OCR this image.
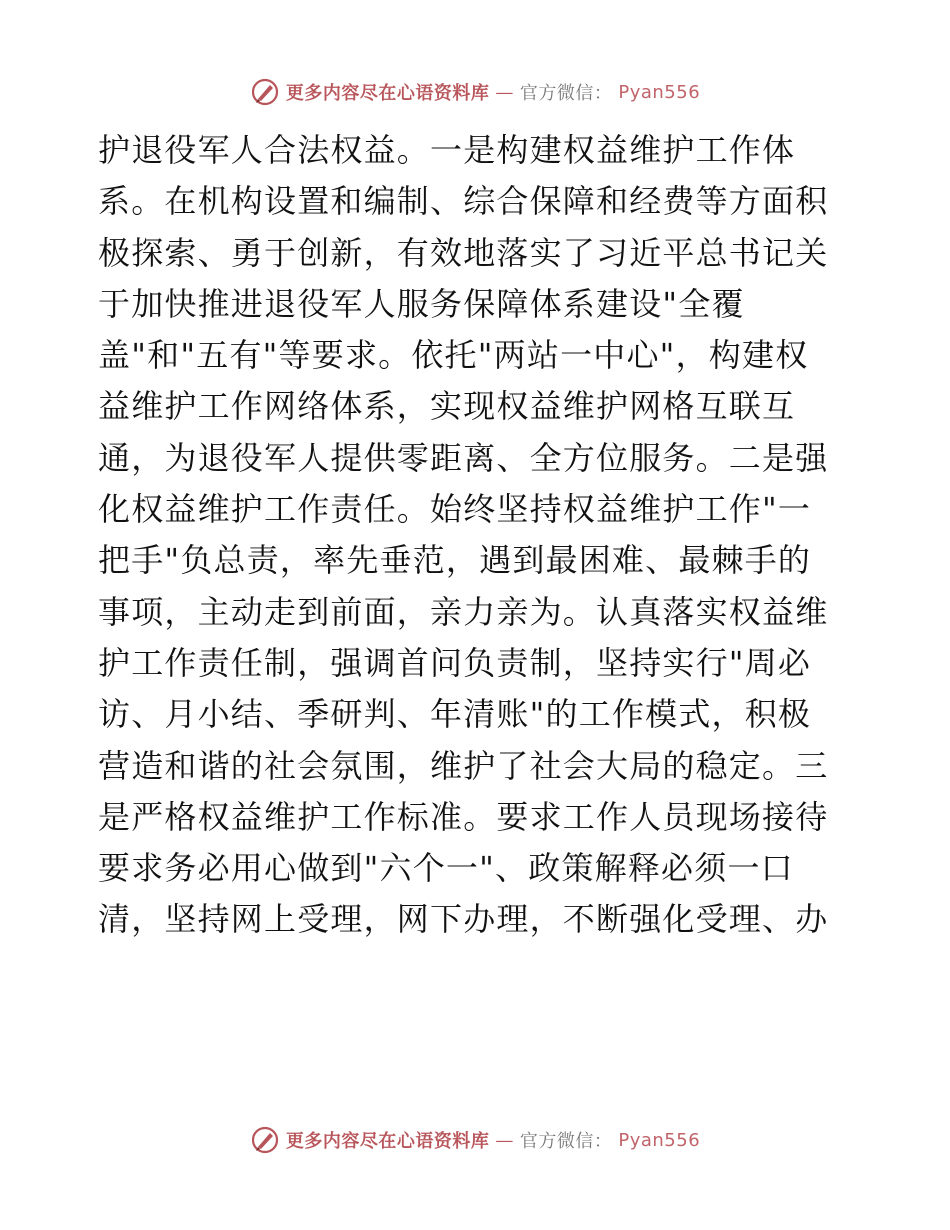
更多内容尽在心语资料库 — 官方微信： Pyan556
护退役军人合法权益。一是构建权益维护工作体
系。在机构设置和编制、综合保障和经费等方面积
极探索、勇于创新，有效地落实了习近平总书记关
于加快推进退役军人服务保障体系建设"全覆
盖"和"五有"等要求。依托"两站一中心"，构建权
益维护工作网络体系，实现权益维护网格互联互
通，为退役军人提供零距离、全方位服务。二是强
化权益维护工作责任。始终坚持权益维护工作"一
把手"负总责，率先垂范，遇到最困难、最棘手的
事项，主动走到前面，亲力亲为。认真落实权益维
护工作责任制，强调首问负责制，坚持实行"周必
访、月小结、季研判、年清账"的工作模式，积极
营造和谐的社会氛围，维护了社会大局的稳定。三
是严格权益维护工作标准。要求工作人员现场接待
要求务必用心做到"六个一"、政策解释必须一口
清，坚持网上受理，网下办理，不断强化受理、办
更多内容尽在心语资料库 — 官方微信： Pyan556
